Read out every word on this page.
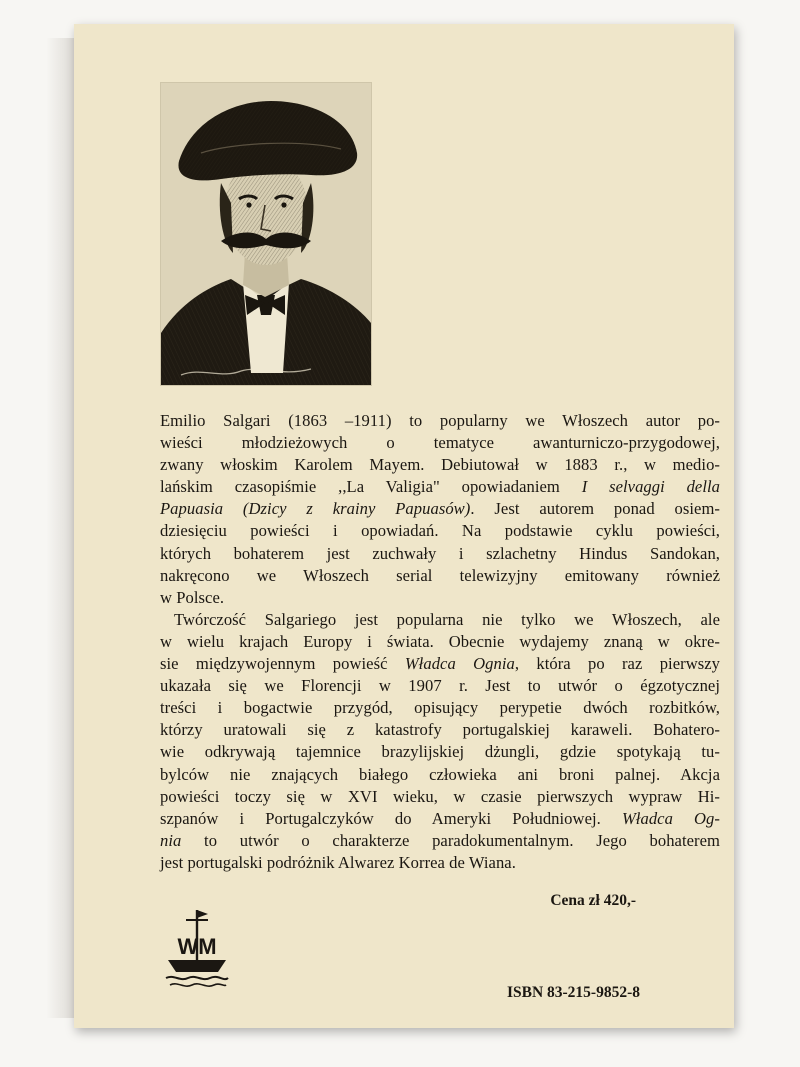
Emilio Salgari (1863 –1911) to popularny we Włoszech autor po-
wieści młodzieżowych o tematyce awanturniczo-przygodowej,
zwany włoskim Karolem Mayem. Debiutował w 1883 r., w medio-
lańskim czasopiśmie ,,La Valigia" opowiadaniem I selvaggi della
Papuasia (Dzicy z krainy Papuasów). Jest autorem ponad osiem-
dziesięciu powieści i opowiadań. Na podstawie cyklu powieści,
których bohaterem jest zuchwały i szlachetny Hindus Sandokan,
nakręcono we Włoszech serial telewizyjny emitowany również
w Polsce.

Twórczość Salgariego jest popularna nie tylko we Włoszech, ale
w wielu krajach Europy i świata. Obecnie wydajemy znaną w okre-
sie międzywojennym powieść Władca Ognia, która po raz pierwszy
ukazała się we Florencji w 1907 r. Jest to utwór o égzotycznej
treści i bogactwie przygód, opisujący perypetie dwóch rozbitków,
którzy uratowali się z katastrofy portugalskiej karaweli. Bohatero-
wie odkrywają tajemnice brazylijskiej dżungli, gdzie spotykają tu-
bylców nie znających białego człowieka ani broni palnej. Akcja
powieści toczy się w XVI wieku, w czasie pierwszych wypraw Hi-
szpanów i Portugalczyków do Ameryki Południowej. Władca Og-
nia to utwór o charakterze paradokumentalnym. Jego bohaterem
jest portugalski podróżnik Alwarez Korrea de Wiana.

Cena zł 420,-
WM
ISBN 83-215-9852-8
